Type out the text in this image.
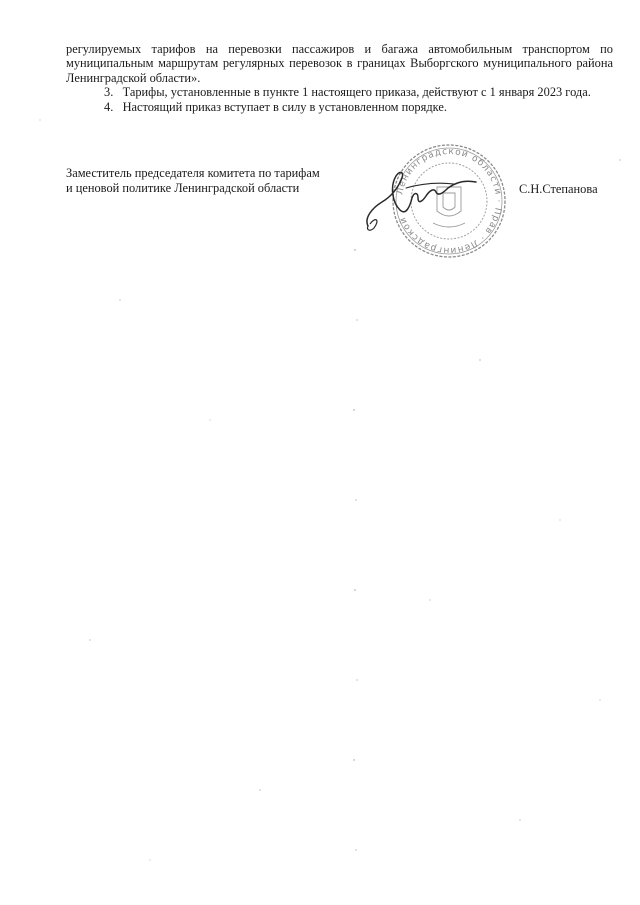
регулируемых тарифов на перевозки пассажиров и багажа автомобильным транспортом по муниципальным маршрутам регулярных перевозок в границах Выборгского муниципального района Ленинградской области».

3.   Тарифы, установленные в пункте 1 настоящего приказа, действуют с 1 января 2023 года.

4.   Настоящий приказ вступает в силу в установленном порядке.

Заместитель председателя комитета по тарифам
и ценовой политике Ленинградской области	Ленинградской области · Прав · Ленинградской

С.Н.Степанова
